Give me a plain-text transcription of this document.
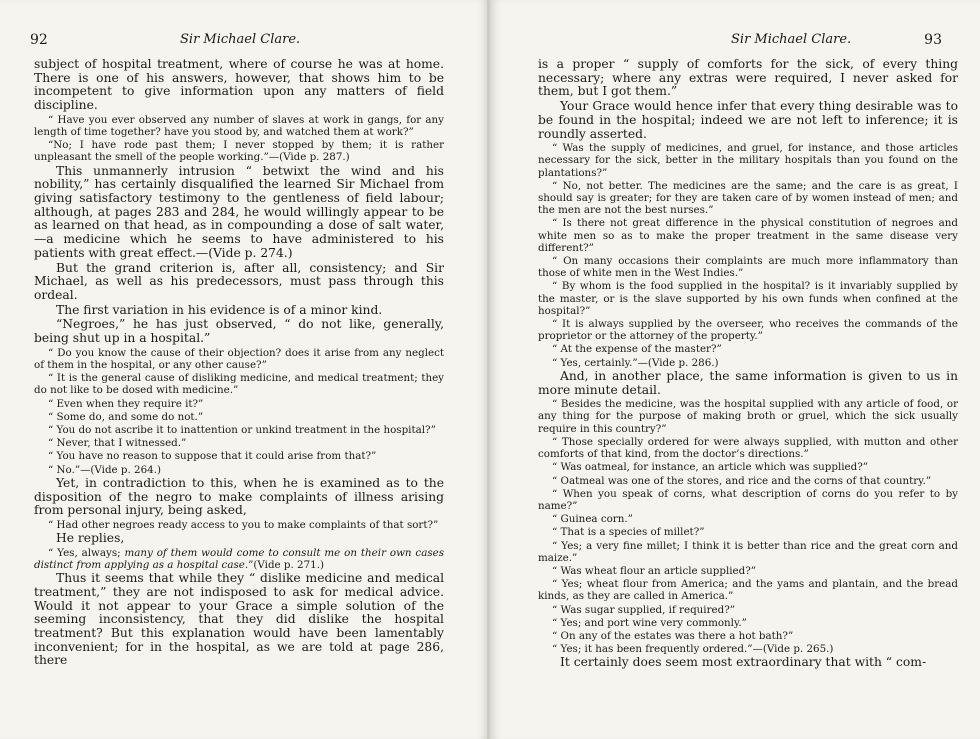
92	Sir Michael Clare.

subject of hospital treatment, where of course he was at home. There is one of his answers, however, that shows him to be incompetent to give information upon any matters of field discipline.

“ Have you ever observed any number of slaves at work in gangs, for any length of time together? have you stood by, and watched them at work?”

“No; I have rode past them; I never stopped by them; it is rather unpleasant the smell of the people working.”—(Vide p. 287.)

This unmannerly intrusion “ betwixt the wind and his nobility,” has certainly disqualified the learned Sir Michael from giving satisfactory testimony to the gentleness of field labour; although, at pages 283 and 284, he would willingly appear to be as learned on that head, as in compounding a dose of salt water, —a medicine which he seems to have administered to his patients with great effect.—(Vide p. 274.)

But the grand criterion is, after all, consistency; and Sir Michael, as well as his predecessors, must pass through this ordeal.

The first variation in his evidence is of a minor kind.

“Negroes,” he has just observed, “ do not like, generally, being shut up in a hospital.”

“ Do you know the cause of their objection? does it arise from any neglect of them in the hospital, or any other cause?”

“ It is the general cause of disliking medicine, and medical treatment; they do not like to be dosed with medicine.”

“ Even when they require it?”

“ Some do, and some do not.”

“ You do not ascribe it to inattention or unkind treatment in the hospital?”

“ Never, that I witnessed.”

“ You have no reason to suppose that it could arise from that?”

“ No.”—(Vide p. 264.)

Yet, in contradiction to this, when he is examined as to the disposition of the negro to make complaints of illness arising from personal injury, being asked,

“ Had other negroes ready access to you to make complaints of that sort?”

He replies,

“ Yes, always; many of them would come to consult me on their own cases distinct from applying as a hospital case.”(Vide p. 271.)

Thus it seems that while they “ dislike medicine and medical treatment,” they are not indisposed to ask for medical advice. Would it not appear to your Grace a simple solution of the seeming inconsistency, that they did dislike the hospital treatment? But this explanation would have been lamentably inconvenient; for in the hospital, as we are told at page 286, there

Sir Michael Clare.	93

is a proper “ supply of comforts for the sick, of every thing necessary; where any extras were required, I never asked for them, but I got them.”

Your Grace would hence infer that every thing desirable was to be found in the hospital; indeed we are not left to inference; it is roundly asserted.

“ Was the supply of medicines, and gruel, for instance, and those articles necessary for the sick, better in the military hospitals than you found on the plantations?”

“ No, not better. The medicines are the same; and the care is as great, I should say is greater; for they are taken care of by women instead of men; and the men are not the best nurses.”

“ Is there not great difference in the physical constitution of negroes and white men so as to make the proper treatment in the same disease very different?”

“ On many occasions their complaints are much more inflammatory than those of white men in the West Indies.”

“ By whom is the food supplied in the hospital? is it invariably supplied by the master, or is the slave supported by his own funds when confined at the hospital?”

“ It is always supplied by the overseer, who receives the commands of the proprietor or the attorney of the property.”

“ At the expense of the master?”

“ Yes, certainly.”—(Vide p. 286.)

And, in another place, the same information is given to us in more minute detail.

“ Besides the medicine, was the hospital supplied with any article of food, or any thing for the purpose of making broth or gruel, which the sick usually require in this country?”

“ Those specially ordered for were always supplied, with mutton and other comforts of that kind, from the doctor’s directions.”

“ Was oatmeal, for instance, an article which was supplied?”

“ Oatmeal was one of the stores, and rice and the corns of that country.”

“ When you speak of corns, what description of corns do you refer to by name?”

“ Guinea corn.”

“ That is a species of millet?”

“ Yes; a very fine millet; I think it is better than rice and the great corn and maize.”

“ Was wheat flour an article supplied?”

“ Yes; wheat flour from America; and the yams and plantain, and the bread kinds, as they are called in America.”

“ Was sugar supplied, if required?”

“ Yes; and port wine very commonly.”

“ On any of the estates was there a hot bath?”

“ Yes; it has been frequently ordered.”—(Vide p. 265.)

It certainly does seem most extraordinary that with “ com-
